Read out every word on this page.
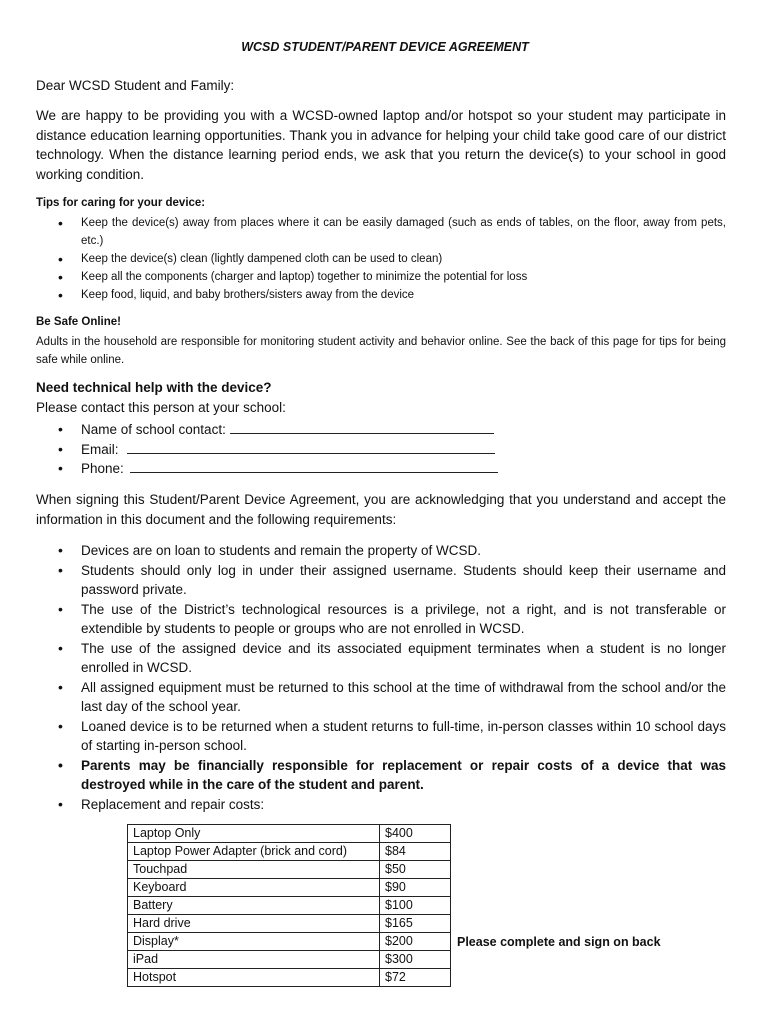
WCSD STUDENT/PARENT DEVICE AGREEMENT
Dear WCSD Student and Family:
We are happy to be providing you with a WCSD-owned laptop and/or hotspot so your student may participate in distance education learning opportunities. Thank you in advance for helping your child take good care of our district technology. When the distance learning period ends, we ask that you return the device(s) to your school in good working condition.
Tips for caring for your device:
• Keep the device(s) away from places where it can be easily damaged (such as ends of tables, on the floor, away from pets, etc.)
• Keep the device(s) clean (lightly dampened cloth can be used to clean)
• Keep all the components (charger and laptop) together to minimize the potential for loss
• Keep food, liquid, and baby brothers/sisters away from the device
Be Safe Online!
Adults in the household are responsible for monitoring student activity and behavior online. See the back of this page for tips for being safe while online.
Need technical help with the device?
Please contact this person at your school:
• Name of school contact:
• Email:
• Phone:
When signing this Student/Parent Device Agreement, you are acknowledging that you understand and accept the information in this document and the following requirements:
• Devices are on loan to students and remain the property of WCSD.
• Students should only log in under their assigned username. Students should keep their username and password private.
• The use of the District’s technological resources is a privilege, not a right, and is not transferable or extendible by students to people or groups who are not enrolled in WCSD.
• The use of the assigned device and its associated equipment terminates when a student is no longer enrolled in WCSD.
• All assigned equipment must be returned to this school at the time of withdrawal from the school and/or the last day of the school year.
• Loaned device is to be returned when a student returns to full-time, in-person classes within 10 school days of starting in-person school.
• Parents may be financially responsible for replacement or repair costs of a device that was destroyed while in the care of the student and parent.
• Replacement and repair costs:
Laptop Only	$400
Laptop Power Adapter (brick and cord)	$84
Touchpad	$50
Keyboard	$90
Battery	$100
Hard drive	$165
Display*	$200
iPad	$300
Hotspot	$72
Please complete and sign on back
